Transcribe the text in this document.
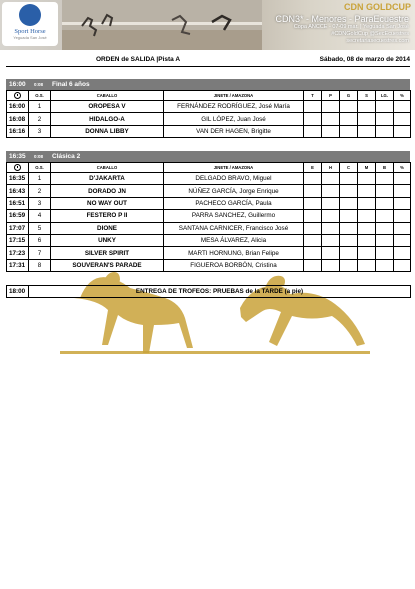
Sport Horse
Yeguada San José
CDN GOLDCUP
CDN3* - Menores - ParaEcuestre
Copa ANCCE - 07-09 mar. | Yeguada San José
#CDNGoldCup @SecEcuestres
secretariasecuestres.com
ORDEN de SALIDA |Pista A	Sábado, 08 de marzo de 2014
16:00 0:08 Final 6 años
	O.S.	CABALLO	JINETE / AMAZONA	T	P	G	S	LG.	%
16:00	1	OROPESA V	FERNÁNDEZ RODRÍGUEZ, José María						
16:08	2	HIDALGO-A	GIL LÓPEZ, Juan José						
16:16	3	DONNA LIBBY	VAN DER HAGEN, Brigitte						
16:35 0:08 Clásica 2
	O.S.	CABALLO	JINETE / AMAZONA	E	H	C	M	B	%
16:35	1	D'JAKARTA	DELGADO BRAVO, Miguel						
16:43	2	DORADO JN	NÚÑEZ GARCÍA, Jorge Enrique						
16:51	3	NO WAY OUT	PACHECO GARCÍA, Paula						
16:59	4	FESTERO P II	PARRA SANCHEZ, Guillermo						
17:07	5	DIONE	SANTANA CARNICER, Francisco José						
17:15	6	UNKY	MESA ÁLVAREZ, Alicia						
17:23	7	SILVER SPIRIT	MARTI HORNUNG, Brian Felipe						
17:31	8	SOUVERAN'S PARADE	FIGUEROA BORBÓN, Cristina						
18:00	ENTREGA DE TROFEOS: PRUEBAS de la TARDE (a pie)
